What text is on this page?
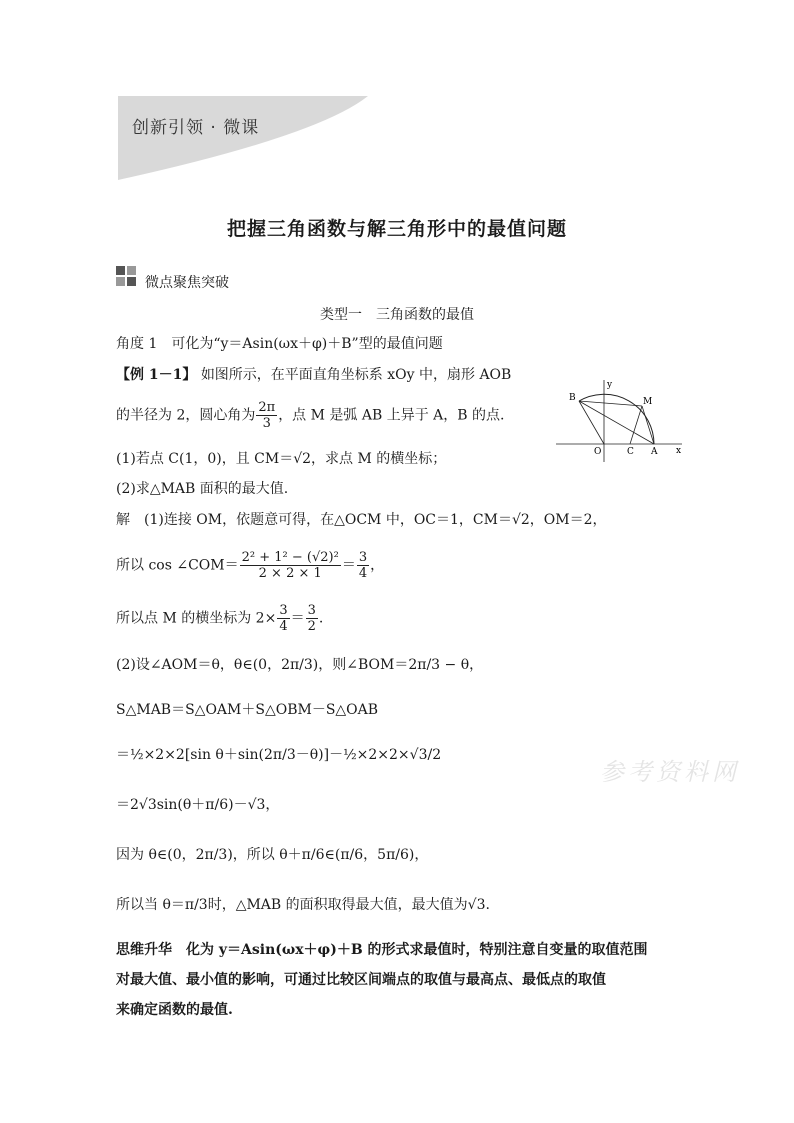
创新引领 · 微课
把握三角函数与解三角形中的最值问题
微点聚焦突破
类型一　三角函数的最值
角度 1　可化为“y＝Asin(ωx＋φ)＋B”型的最值问题
【例 1－1】 如图所示，在平面直角坐标系 xOy 中，扇形 AOB
的半径为 2，圆心角为 $\frac{2\pi}{3}$ ，点 M 是弧 AB 上异于 A，B 的点.
(1)若点 C(1，0)，且 CM＝√2，求点 M 的横坐标；
(2)求△MAB 面积的最大值.
B	M
O	C A x
y
解　(1)连接 OM，依题意可得，在△OCM 中，OC＝1，CM＝√2，OM＝2，
所以 cos ∠COM＝ $\frac{\text{2² + 1² − (√2)²}}{2 \times 2 \times 1} = \frac{3}{4}$ ，
所以点 M 的横坐标为 $2\times \frac{3}{4} = \frac{3}{2}$ .
(2)设∠AOM＝θ，θ∈(0，2π/3)，则∠BOM＝2π/3 − θ，
S△MAB＝S△OAM＋S△OBM－S△OAB
＝½×2×2[sin θ＋sin(2π/3－θ)]－½×2×2×√3/2
＝2√3sin(θ＋π/6)－√3，
因为 θ∈(0，2π/3)，所以 θ＋π/6∈(π/6，5π/6)，
所以当 θ＝π/3时，△MAB 的面积取得最大值，最大值为√3.
参考资料网
思维升华　 化为 y＝Asin(ωx＋φ)＋B 的形式求最值时，特别注意自变量的取值范围
对最大值、最小值的影响，可通过比较区间端点的取值与最高点、最低点的取值
来确定函数的最值.
